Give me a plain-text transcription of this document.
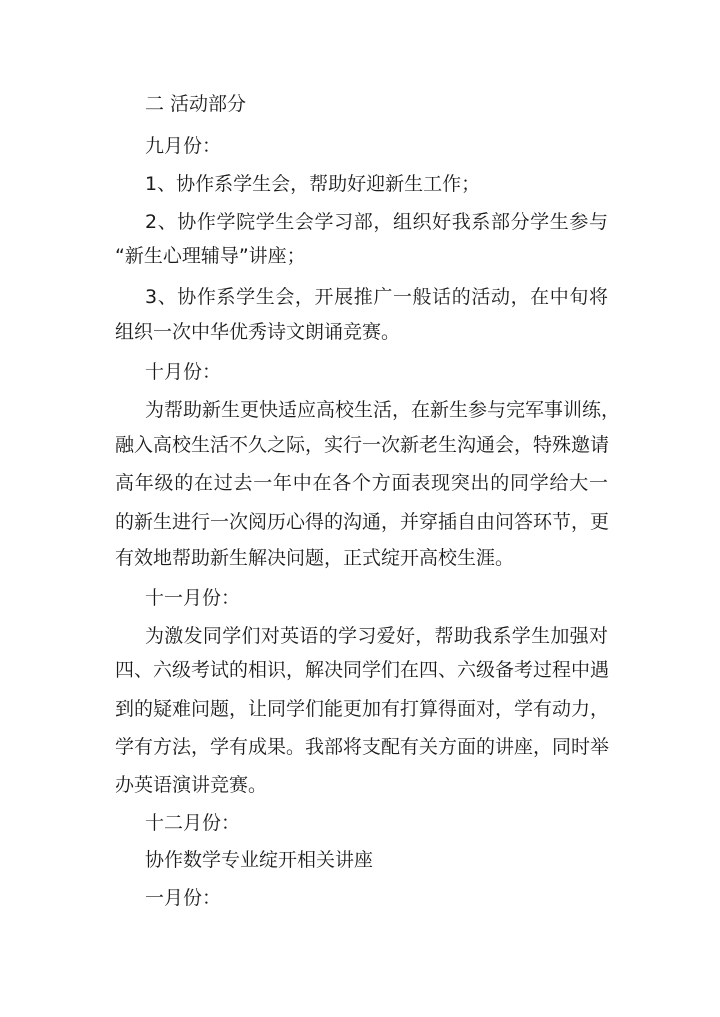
二 活动部分
九月份：
1、协作系学生会，帮助好迎新生工作；
2、协作学院学生会学习部，组织好我系部分学生参与
“新生心理辅导”讲座；
3、协作系学生会，开展推广一般话的活动，在中旬将
组织一次中华优秀诗文朗诵竞赛。
十月份：
为帮助新生更快适应高校生活，在新生参与完军事训练，
融入高校生活不久之际，实行一次新老生沟通会，特殊邀请
高年级的在过去一年中在各个方面表现突出的同学给大一
的新生进行一次阅历心得的沟通，并穿插自由问答环节，更
有效地帮助新生解决问题，正式绽开高校生涯。
十一月份：
为激发同学们对英语的学习爱好，帮助我系学生加强对
四、六级考试的相识，解决同学们在四、六级备考过程中遇
到的疑难问题，让同学们能更加有打算得面对，学有动力，
学有方法，学有成果。我部将支配有关方面的讲座，同时举
办英语演讲竞赛。
十二月份：
协作数学专业绽开相关讲座
一月份：
